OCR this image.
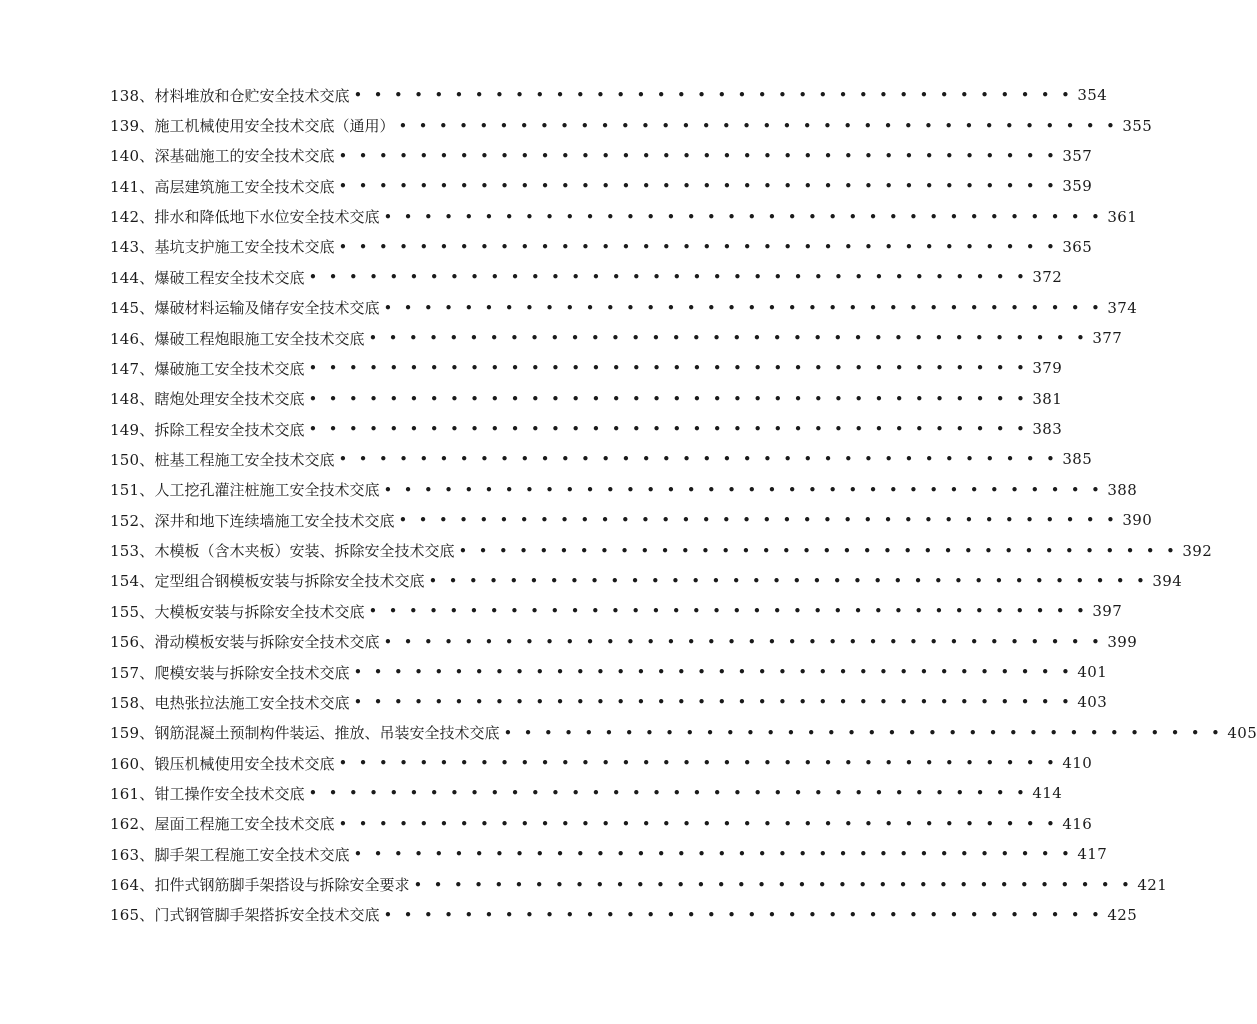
138、 材料堆放和仓贮安全技术交底 • • • • • • • • • • • • • • • • • • • • • • • • • • • • • • • • • • • • 354
139、 施工机械使用安全技术交底（通用） • • • • • • • • • • • • • • • • • • • • • • • • • • • • • • • • • • • • 355
140、 深基础施工的安全技术交底 • • • • • • • • • • • • • • • • • • • • • • • • • • • • • • • • • • • • 357
141、 高层建筑施工安全技术交底 • • • • • • • • • • • • • • • • • • • • • • • • • • • • • • • • • • • • 359
142、 排水和降低地下水位安全技术交底 • • • • • • • • • • • • • • • • • • • • • • • • • • • • • • • • • • • • 361
143、 基坑支护施工安全技术交底 • • • • • • • • • • • • • • • • • • • • • • • • • • • • • • • • • • • • 365
144、 爆破工程安全技术交底 • • • • • • • • • • • • • • • • • • • • • • • • • • • • • • • • • • • • 372
145、 爆破材料运输及储存安全技术交底 • • • • • • • • • • • • • • • • • • • • • • • • • • • • • • • • • • • • 374
146、 爆破工程炮眼施工安全技术交底 • • • • • • • • • • • • • • • • • • • • • • • • • • • • • • • • • • • • 377
147、 爆破施工安全技术交底 • • • • • • • • • • • • • • • • • • • • • • • • • • • • • • • • • • • • 379
148、 瞎炮处理安全技术交底 • • • • • • • • • • • • • • • • • • • • • • • • • • • • • • • • • • • • 381
149、 拆除工程安全技术交底 • • • • • • • • • • • • • • • • • • • • • • • • • • • • • • • • • • • • 383
150、 桩基工程施工安全技术交底 • • • • • • • • • • • • • • • • • • • • • • • • • • • • • • • • • • • • 385
151、 人工挖孔灌注桩施工安全技术交底 • • • • • • • • • • • • • • • • • • • • • • • • • • • • • • • • • • • • 388
152、 深井和地下连续墙施工安全技术交底 • • • • • • • • • • • • • • • • • • • • • • • • • • • • • • • • • • • • 390
153、 木模板（含木夹板）安装、拆除安全技术交底 • • • • • • • • • • • • • • • • • • • • • • • • • • • • • • • • • • • • 392
154、 定型组合钢模板安装与拆除安全技术交底 • • • • • • • • • • • • • • • • • • • • • • • • • • • • • • • • • • • • 394
155、 大模板安装与拆除安全技术交底 • • • • • • • • • • • • • • • • • • • • • • • • • • • • • • • • • • • • 397
156、 滑动模板安装与拆除安全技术交底 • • • • • • • • • • • • • • • • • • • • • • • • • • • • • • • • • • • • 399
157、 爬模安装与拆除安全技术交底 • • • • • • • • • • • • • • • • • • • • • • • • • • • • • • • • • • • • 401
158、 电热张拉法施工安全技术交底 • • • • • • • • • • • • • • • • • • • • • • • • • • • • • • • • • • • • 403
159、 钢筋混凝土预制构件装运、推放、吊装安全技术交底 • • • • • • • • • • • • • • • • • • • • • • • • • • • • • • • • • • • • 405
160、 锻压机械使用安全技术交底 • • • • • • • • • • • • • • • • • • • • • • • • • • • • • • • • • • • • 410
161、 钳工操作安全技术交底 • • • • • • • • • • • • • • • • • • • • • • • • • • • • • • • • • • • • 414
162、 屋面工程施工安全技术交底 • • • • • • • • • • • • • • • • • • • • • • • • • • • • • • • • • • • • 416
163、 脚手架工程施工安全技术交底 • • • • • • • • • • • • • • • • • • • • • • • • • • • • • • • • • • • • 417
164、 扣件式钢筋脚手架搭设与拆除安全要求 • • • • • • • • • • • • • • • • • • • • • • • • • • • • • • • • • • • • 421
165、 门式钢管脚手架搭拆安全技术交底 • • • • • • • • • • • • • • • • • • • • • • • • • • • • • • • • • • • • 425
